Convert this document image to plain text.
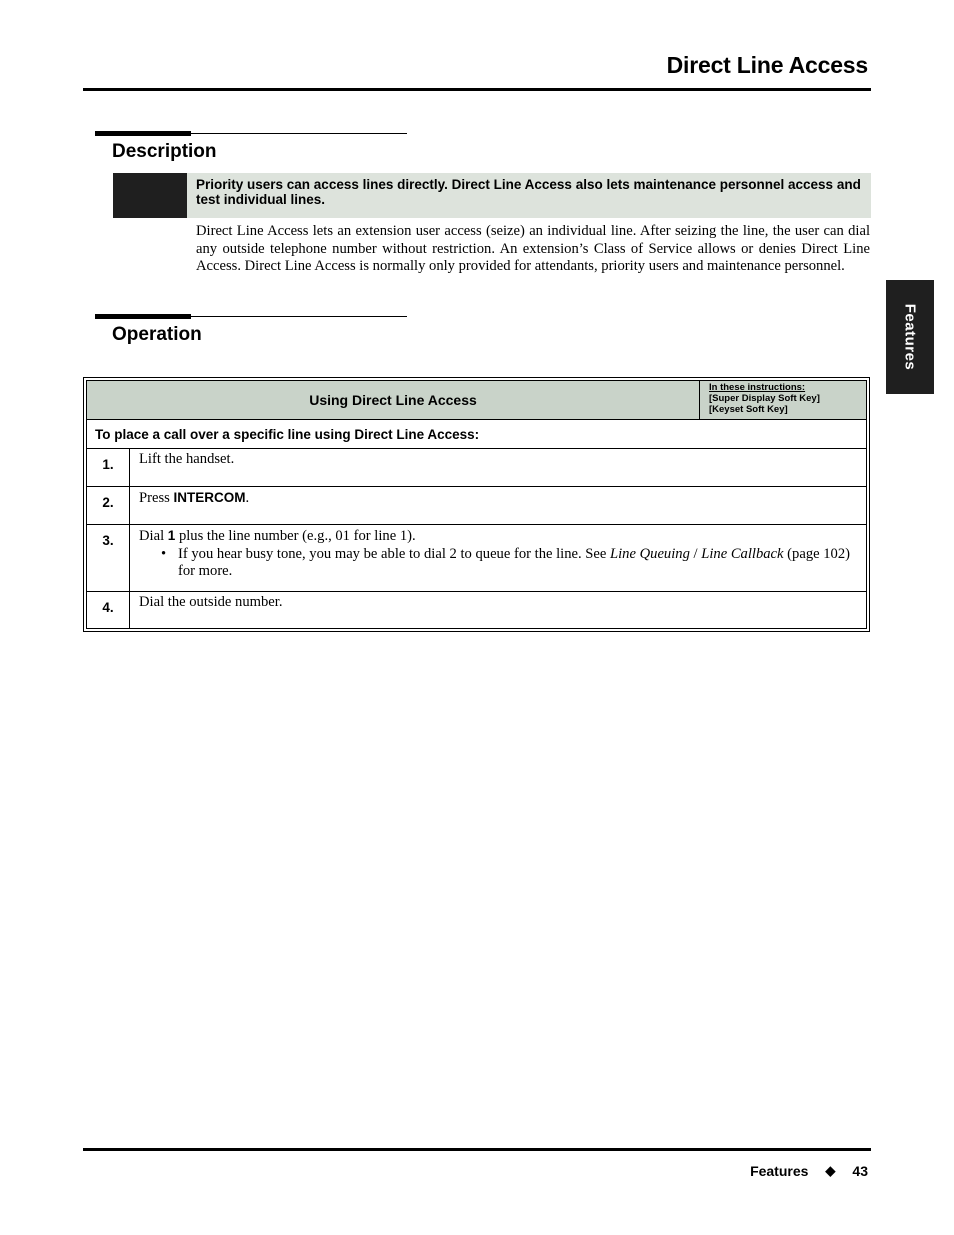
Direct Line Access
Features
Description
Priority users can access lines directly. Direct Line Access also lets maintenance personnel access and test individual lines.
Direct Line Access lets an extension user access (seize) an individual line. After seizing the line, the user can dial any outside telephone number without restriction. An extension’s Class of Service allows or denies Direct Line Access. Direct Line Access is normally only provided for attendants, priority users and maintenance personnel.
Operation
Using Direct Line Access		In these instructions:
[Super Display Soft Key]
[Keyset Soft Key]

To place a call over a specific line using Direct Line Access:		
1.	Lift the handset.	
2.	Press INTERCOM.	
3.	Dial 1 plus the line number (e.g., 01 for line 1).
• If you hear busy tone, you may be able to dial 2 to queue for the line. See Line Queuing / Line Callback (page 102) for more.	

4.	Dial the outside number.	
Features ◆ 43
